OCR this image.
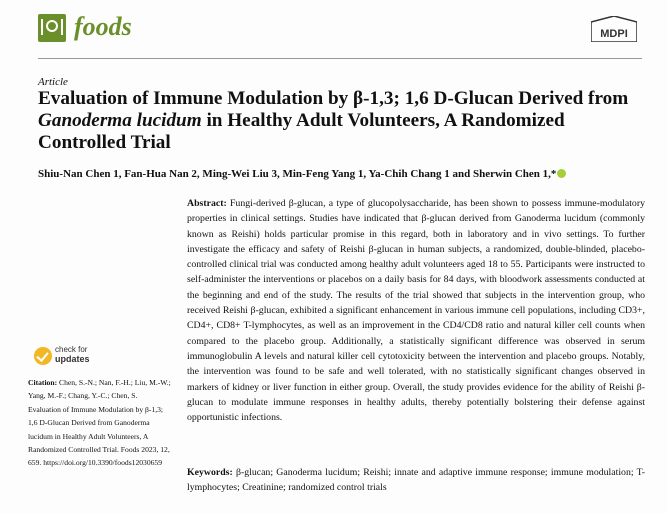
foods	MDPI
Article
Evaluation of Immune Modulation by β-1,3; 1,6 D-Glucan Derived from Ganoderma lucidum in Healthy Adult Volunteers, A Randomized Controlled Trial
Shiu-Nan Chen 1, Fan-Hua Nan 2, Ming-Wei Liu 3, Min-Feng Yang 1, Ya-Chih Chang 1 and Sherwin Chen 1,*
Abstract: Fungi-derived β-glucan, a type of glucopolysaccharide, has been shown to possess immune-modulatory properties in clinical settings. Studies have indicated that β-glucan derived from Ganoderma lucidum (commonly known as Reishi) holds particular promise in this regard, both in laboratory and in vivo settings. To further investigate the efficacy and safety of Reishi β-glucan in human subjects, a randomized, double-blinded, placebo-controlled clinical trial was conducted among healthy adult volunteers aged 18 to 55. Participants were instructed to self-administer the interventions or placebos on a daily basis for 84 days, with bloodwork assessments conducted at the beginning and end of the study. The results of the trial showed that subjects in the intervention group, who received Reishi β-glucan, exhibited a significant enhancement in various immune cell populations, including CD3+, CD4+, CD8+ T-lymphocytes, as well as an improvement in the CD4/CD8 ratio and natural killer cell counts when compared to the placebo group. Additionally, a statistically significant difference was observed in serum immunoglobulin A levels and natural killer cell cytotoxicity between the intervention and placebo groups. Notably, the intervention was found to be safe and well tolerated, with no statistically significant changes observed in markers of kidney or liver function in either group. Overall, the study provides evidence for the ability of Reishi β-glucan to modulate immune responses in healthy adults, thereby potentially bolstering their defense against opportunistic infections.
check for
updates
Citation: Chen, S.-N.; Nan, F.-H.; Liu, M.-W.; Yang, M.-F.; Chang, Y.-C.; Chen, S. Evaluation of Immune Modulation by β-1,3; 1,6 D-Glucan Derived from Ganoderma lucidum in Healthy Adult Volunteers, A Randomized Controlled Trial. Foods 2023, 12, 659. https://doi.org/10.3390/foods12030659
Keywords: β-glucan; Ganoderma lucidum; Reishi; innate and adaptive immune response; immune modulation; T-lymphocytes; Creatinine; randomized control trials
